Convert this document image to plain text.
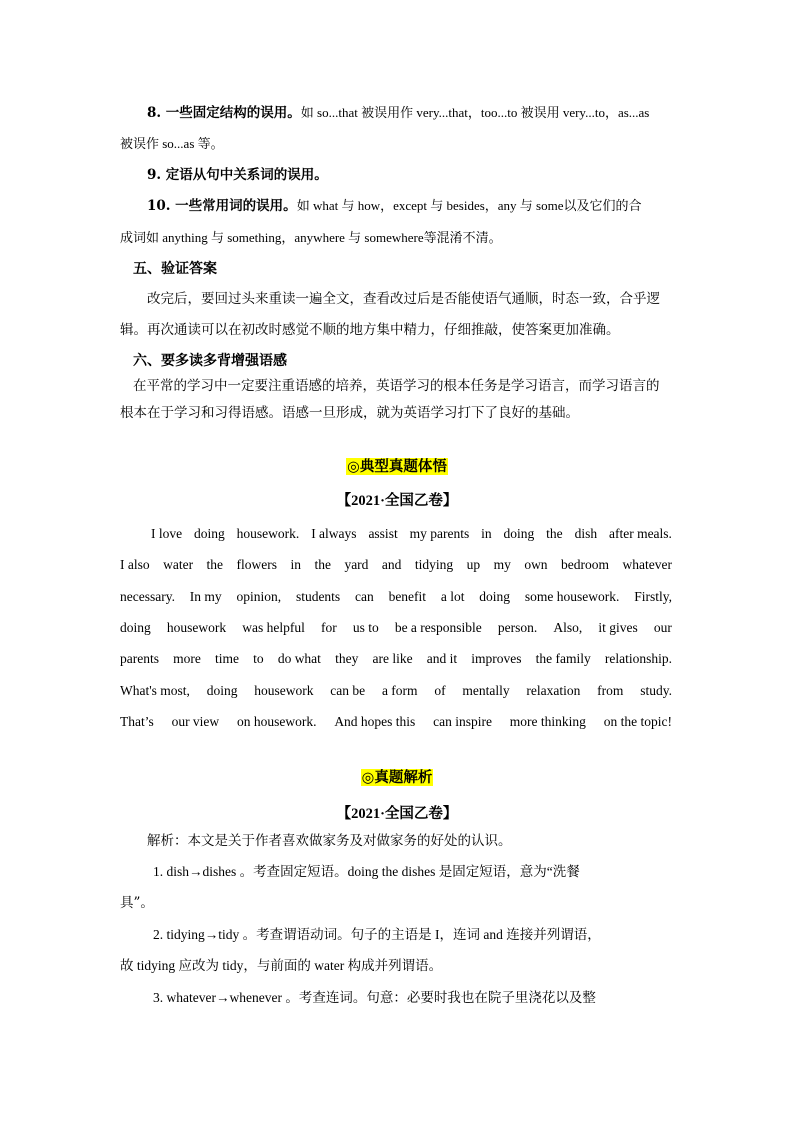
8. 一些固定结构的误用。如 so...that 被误用作 very...that，too...to 被误用 very...to，as...as
被误作 so...as 等。
9. 定语从句中关系词的误用。
10. 一些常用词的误用。如 what 与 how，except 与 besides，any 与 some以及它们的合
成词如 anything 与 something，anywhere 与 somewhere等混淆不清。
五、验证答案
改完后，要回过头来重读一遍全文，查看改过后是否能使语气通顺，时态一致，合乎逻
辑。再次通读可以在初改时感觉不顺的地方集中精力，仔细推敲，使答案更加准确。
六、要多读多背增强语感
在平常的学习中一定要注重语感的培养，英语学习的根本任务是学习语言，而学习语言的
根本在于学习和习得语感。语感一旦形成，就为英语学习打下了良好的基础。
◎典型真题体悟
【2021·全国乙卷】
I love doing housework. I always assist my parents in doing the dish after meals.
I also water the flowers in the yard and tidying up my own bedroom whatever
necessary. In my opinion, students can benefit a lot doing some housework. Firstly,
doing housework was helpful for us to be a responsible person. Also, it gives our
parents more time to do what they are like and it improves the family relationship.
What's most, doing housework can be a form of mentally relaxation from study.
That’s our view on housework. And hopes this can inspire more thinking on the topic!
◎真题解析
【2021·全国乙卷】
解析：本文是关于作者喜欢做家务及对做家务的好处的认识。
1. dish→dishes 。考查固定短语。doing the dishes 是固定短语，意为“洗餐
具”。
2. tidying→tidy 。考查谓语动词。句子的主语是 I，连词 and 连接并列谓语，
故 tidying 应改为 tidy，与前面的 water 构成并列谓语。
3. whatever→whenever 。考查连词。句意：必要时我也在院子里浇花以及整
